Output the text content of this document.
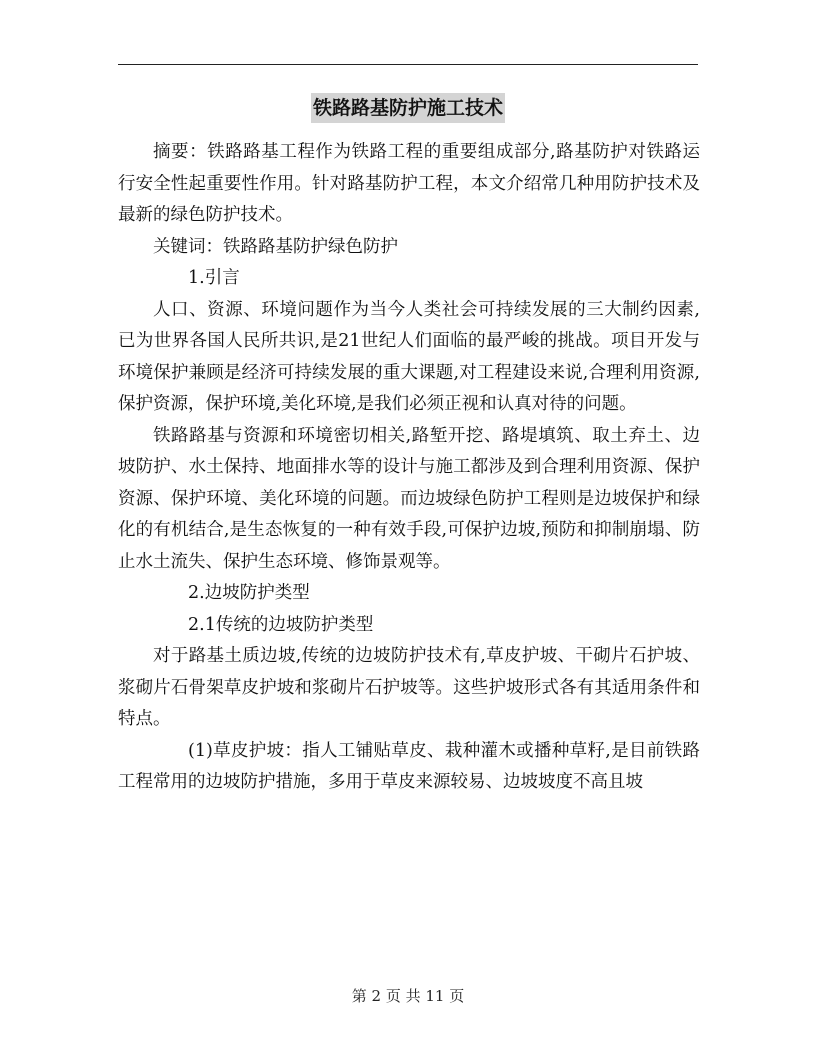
铁路路基防护施工技术

摘要：铁路路基工程作为铁路工程的重要组成部分,路基防护对铁路运行安全性起重要性作用。针对路基防护工程，本文介绍常几种用防护技术及最新的绿色防护技术。

关键词：铁路路基防护绿色防护

1.引言

人口、资源、环境问题作为当今人类社会可持续发展的三大制约因素,已为世界各国人民所共识,是21世纪人们面临的最严峻的挑战。项目开发与环境保护兼顾是经济可持续发展的重大课题,对工程建设来说,合理利用资源,保护资源，保护环境,美化环境,是我们必须正视和认真对待的问题。

铁路路基与资源和环境密切相关,路堑开挖、路堤填筑、取土弃土、边坡防护、水土保持、地面排水等的设计与施工都涉及到合理利用资源、保护资源、保护环境、美化环境的问题。而边坡绿色防护工程则是边坡保护和绿化的有机结合,是生态恢复的一种有效手段,可保护边坡,预防和抑制崩塌、防止水土流失、保护生态环境、修饰景观等。

2.边坡防护类型

2.1传统的边坡防护类型

对于路基土质边坡,传统的边坡防护技术有,草皮护坡、干砌片石护坡、浆砌片石骨架草皮护坡和浆砌片石护坡等。这些护坡形式各有其适用条件和特点。

(1)草皮护坡：指人工铺贴草皮、栽种灌木或播种草籽,是目前铁路工程常用的边坡防护措施，多用于草皮来源较易、边坡坡度不高且坡

第 2 页 共 11 页
